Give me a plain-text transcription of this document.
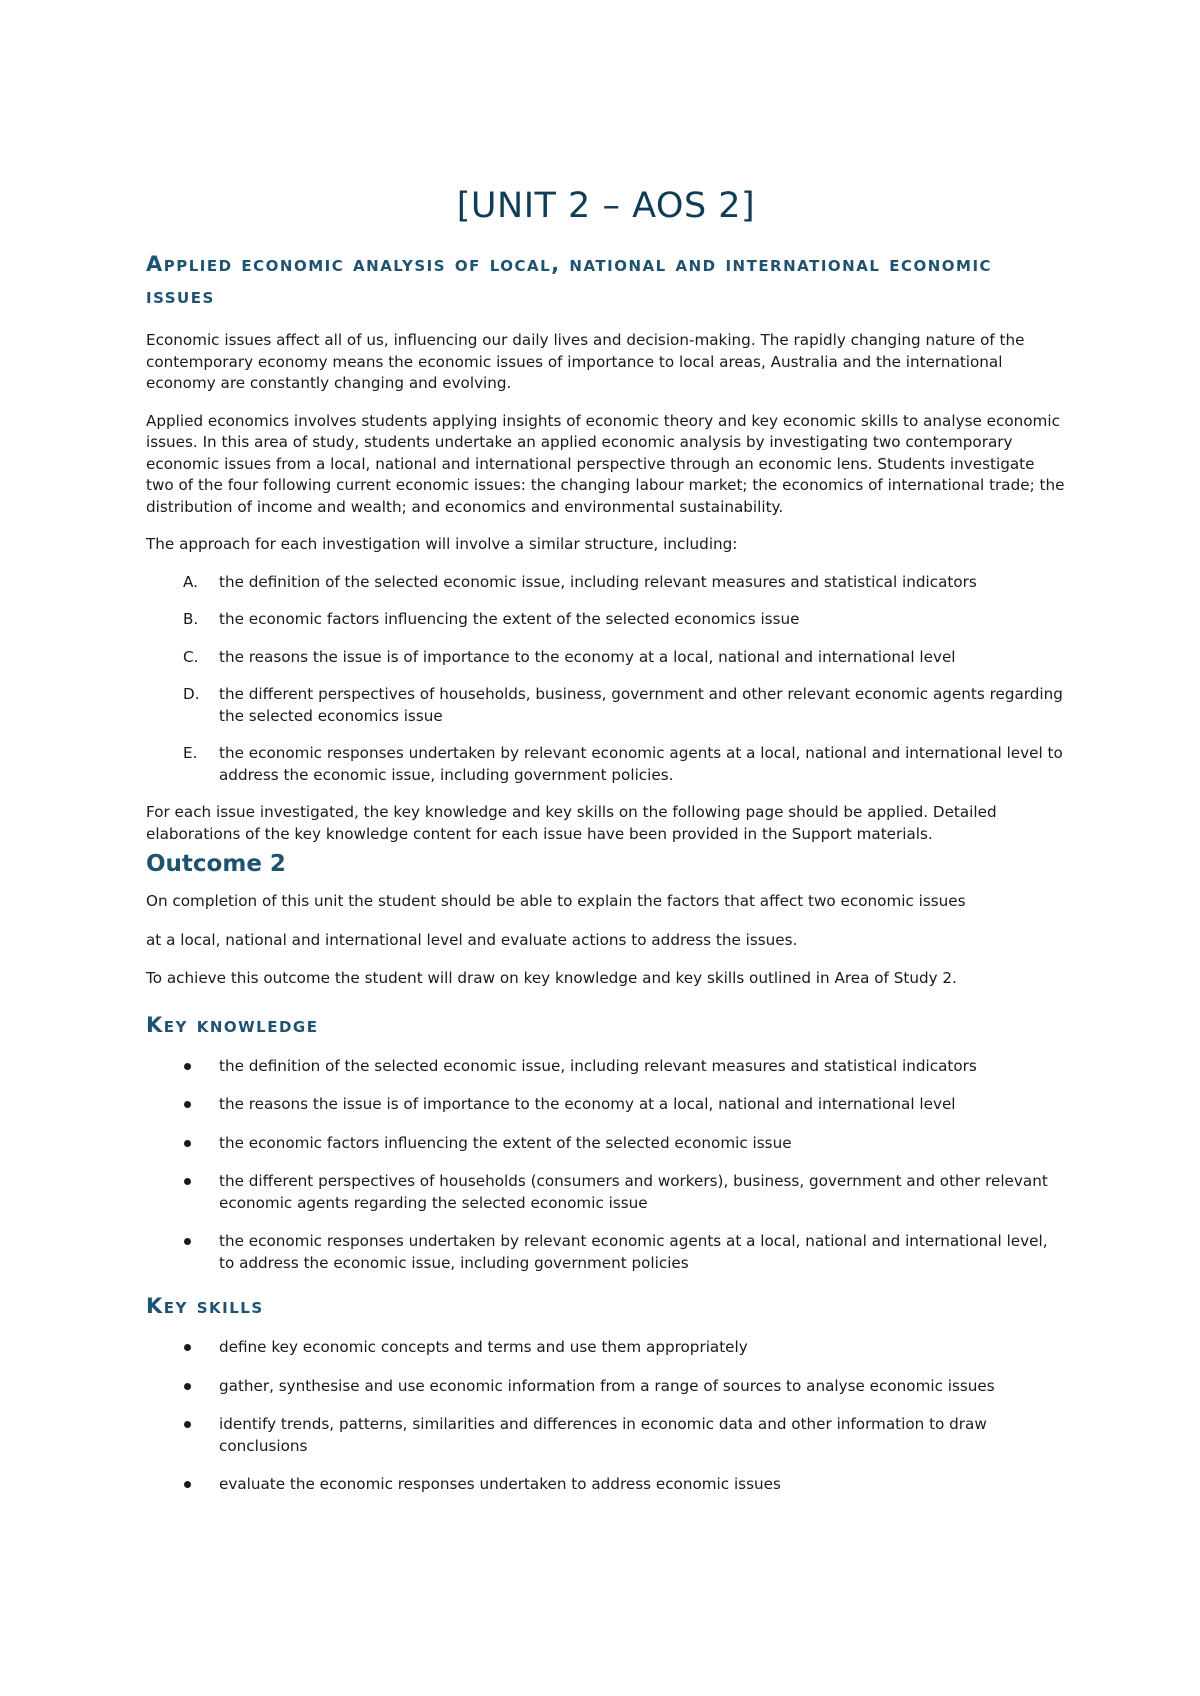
[UNIT 2 – AOS 2]
Applied economic analysis of local, national and international economic issues

Economic issues affect all of us, influencing our daily lives and decision-making. The rapidly changing nature of the contemporary economy means the economic issues of importance to local areas, Australia and the international economy are constantly changing and evolving.

Applied economics involves students applying insights of economic theory and key economic skills to analyse economic issues. In this area of study, students undertake an applied economic analysis by investigating two contemporary economic issues from a local, national and international perspective through an economic lens. Students investigate two of the four following current economic issues: the changing labour market; the economics of international trade; the distribution of income and wealth; and economics and environmental sustainability.

The approach for each investigation will involve a similar structure, including:

A. the definition of the selected economic issue, including relevant measures and statistical indicators
B. the economic factors influencing the extent of the selected economics issue
C. the reasons the issue is of importance to the economy at a local, national and international level
D. the different perspectives of households, business, government and other relevant economic agents regarding the selected economics issue
E. the economic responses undertaken by relevant economic agents at a local, national and international level to address the economic issue, including government policies.

For each issue investigated, the key knowledge and key skills on the following page should be applied. Detailed elaborations of the key knowledge content for each issue have been provided in the Support materials.

Outcome 2

On completion of this unit the student should be able to explain the factors that affect two economic issues

at a local, national and international level and evaluate actions to address the issues.

To achieve this outcome the student will draw on key knowledge and key skills outlined in Area of Study 2.

Key knowledge
the definition of the selected economic issue, including relevant measures and statistical indicators
the reasons the issue is of importance to the economy at a local, national and international level
the economic factors influencing the extent of the selected economic issue
the different perspectives of households (consumers and workers), business, government and other relevant economic agents regarding the selected economic issue
the economic responses undertaken by relevant economic agents at a local, national and international level, to address the economic issue, including government policies
Key skills
define key economic concepts and terms and use them appropriately
gather, synthesise and use economic information from a range of sources to analyse economic issues
identify trends, patterns, similarities and differences in economic data and other information to draw conclusions
evaluate the economic responses undertaken to address economic issues
